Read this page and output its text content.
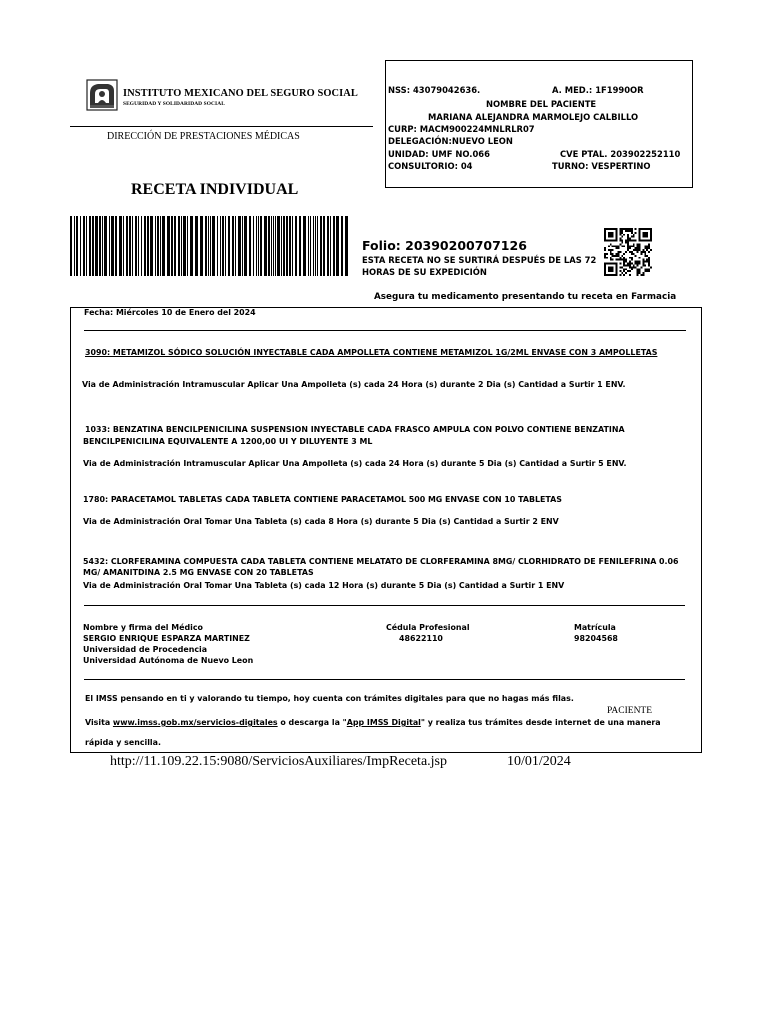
INSTITUTO MEXICANO DEL SEGURO SOCIAL
SEGURIDAD Y SOLIDARIDAD SOCIAL
DIRECCIÓN DE PRESTACIONES MÉDICAS
RECETA INDIVIDUAL
NSS: 43079042636.	A. MED.: 1F1990OR
NOMBRE DEL PACIENTE
MARIANA ALEJANDRA MARMOLEJO CALBILLO
CURP: MACM900224MNLRLR07
DELEGACIÓN:NUEVO LEON
UNIDAD: UMF NO.066	CVE PTAL. 203902252110
CONSULTORIO: 04	TURNO: VESPERTINO
Folio: 20390200707126
ESTA RECETA NO SE SURTIRÁ DESPUÉS DE LAS 72
HORAS DE SU EXPEDICIÓN
Asegura tu medicamento presentando tu receta en Farmacia
Fecha: Miércoles 10 de Enero del 2024
3090: METAMIZOL SÓDICO SOLUCIÓN INYECTABLE CADA AMPOLLETA CONTIENE METAMIZOL 1G/2ML ENVASE CON 3 AMPOLLETAS
Via de Administración Intramuscular Aplicar Una Ampolleta (s) cada 24 Hora (s) durante 2 Dia (s) Cantidad a Surtir 1 ENV.
1033: BENZATINA BENCILPENICILINA SUSPENSION INYECTABLE CADA FRASCO AMPULA CON POLVO CONTIENE BENZATINA
BENCILPENICILINA EQUIVALENTE A 1200,00 UI Y DILUYENTE 3 ML
Via de Administración Intramuscular Aplicar Una Ampolleta (s) cada 24 Hora (s) durante 5 Dia (s) Cantidad a Surtir 5 ENV.
1780: PARACETAMOL TABLETAS CADA TABLETA CONTIENE PARACETAMOL 500 MG ENVASE CON 10 TABLETAS
Via de Administración Oral Tomar Una Tableta (s) cada 8 Hora (s) durante 5 Dia (s) Cantidad a Surtir 2 ENV
5432: CLORFERAMINA COMPUESTA CADA TABLETA CONTIENE MELATATO DE CLORFERAMINA 8MG/ CLORHIDRATO DE FENILEFRINA 0.06
MG/ AMANITDINA 2.5 MG ENVASE CON 20 TABLETAS
Via de Administración Oral Tomar Una Tableta (s) cada 12 Hora (s) durante 5 Dia (s) Cantidad a Surtir 1 ENV
Nombre y firma del Médico
SERGIO ENRIQUE ESPARZA MARTINEZ
Universidad de Procedencia
Universidad Autónoma de Nuevo Leon
Cédula Profesional
48622110
Matrícula
98204568
El IMSS pensando en ti y valorando tu tiempo, hoy cuenta con trámites digitales para que no hagas más filas.
PACIENTE
Visita www.imss.gob.mx/servicios-digitales o descarga la "App IMSS Digital" y realiza tus trámites desde internet de una manera
rápida y sencilla.
http://11.109.22.15:9080/ServiciosAuxiliares/ImpReceta.jsp	10/01/2024
